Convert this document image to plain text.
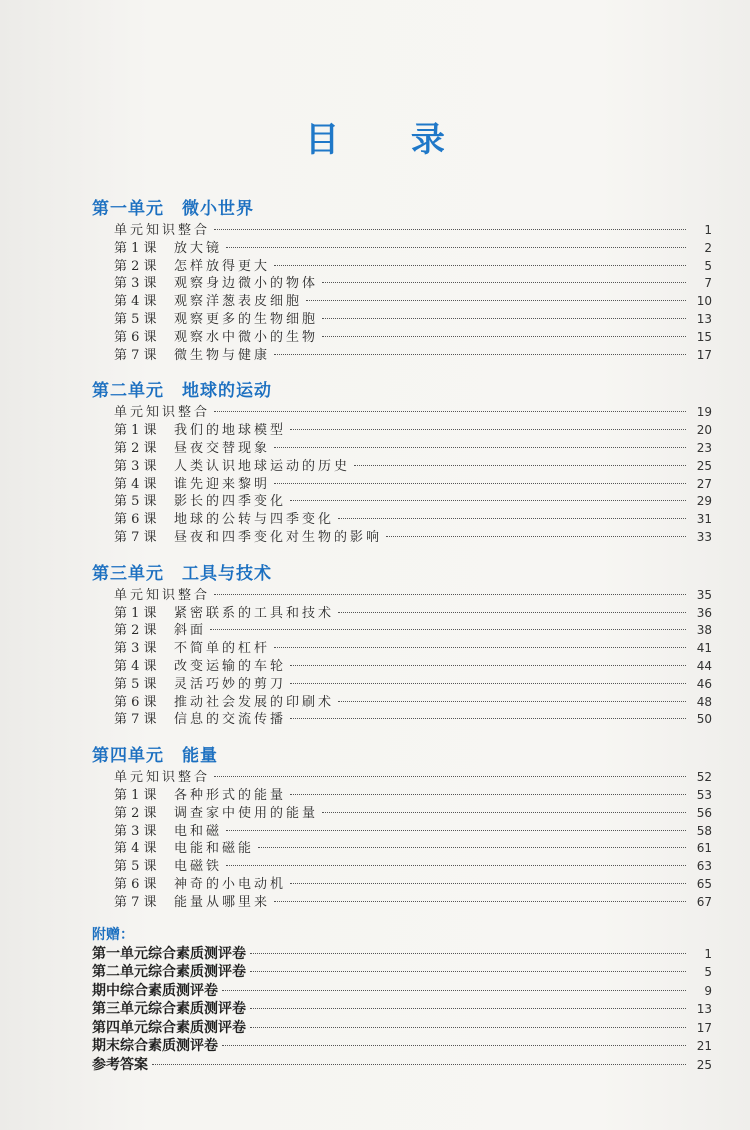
目 录
第一单元 微小世界
单元知识整合	1
第 1 课	放大镜	2
第 2 课	怎样放得更大	5
第 3 课	观察身边微小的物体	7
第 4 课	观察洋葱表皮细胞	10
第 5 课	观察更多的生物细胞	13
第 6 课	观察水中微小的生物	15
第 7 课	微生物与健康	17
第二单元 地球的运动
单元知识整合	19
第 1 课	我们的地球模型	20
第 2 课	昼夜交替现象	23
第 3 课	人类认识地球运动的历史	25
第 4 课	谁先迎来黎明	27
第 5 课	影长的四季变化	29
第 6 课	地球的公转与四季变化	31
第 7 课	昼夜和四季变化对生物的影响	33
第三单元 工具与技术
单元知识整合	35
第 1 课	紧密联系的工具和技术	36
第 2 课	斜面	38
第 3 课	不简单的杠杆	41
第 4 课	改变运输的车轮	44
第 5 课	灵活巧妙的剪刀	46
第 6 课	推动社会发展的印刷术	48
第 7 课	信息的交流传播	50
第四单元 能量
单元知识整合	52
第 1 课	各种形式的能量	53
第 2 课	调查家中使用的能量	56
第 3 课	电和磁	58
第 4 课	电能和磁能	61
第 5 课	电磁铁	63
第 6 课	神奇的小电动机	65
第 7 课	能量从哪里来	67
附赠：
第一单元综合素质测评卷	1
第二单元综合素质测评卷	5
期中综合素质测评卷	9
第三单元综合素质测评卷	13
第四单元综合素质测评卷	17
期末综合素质测评卷	21
参考答案	25
